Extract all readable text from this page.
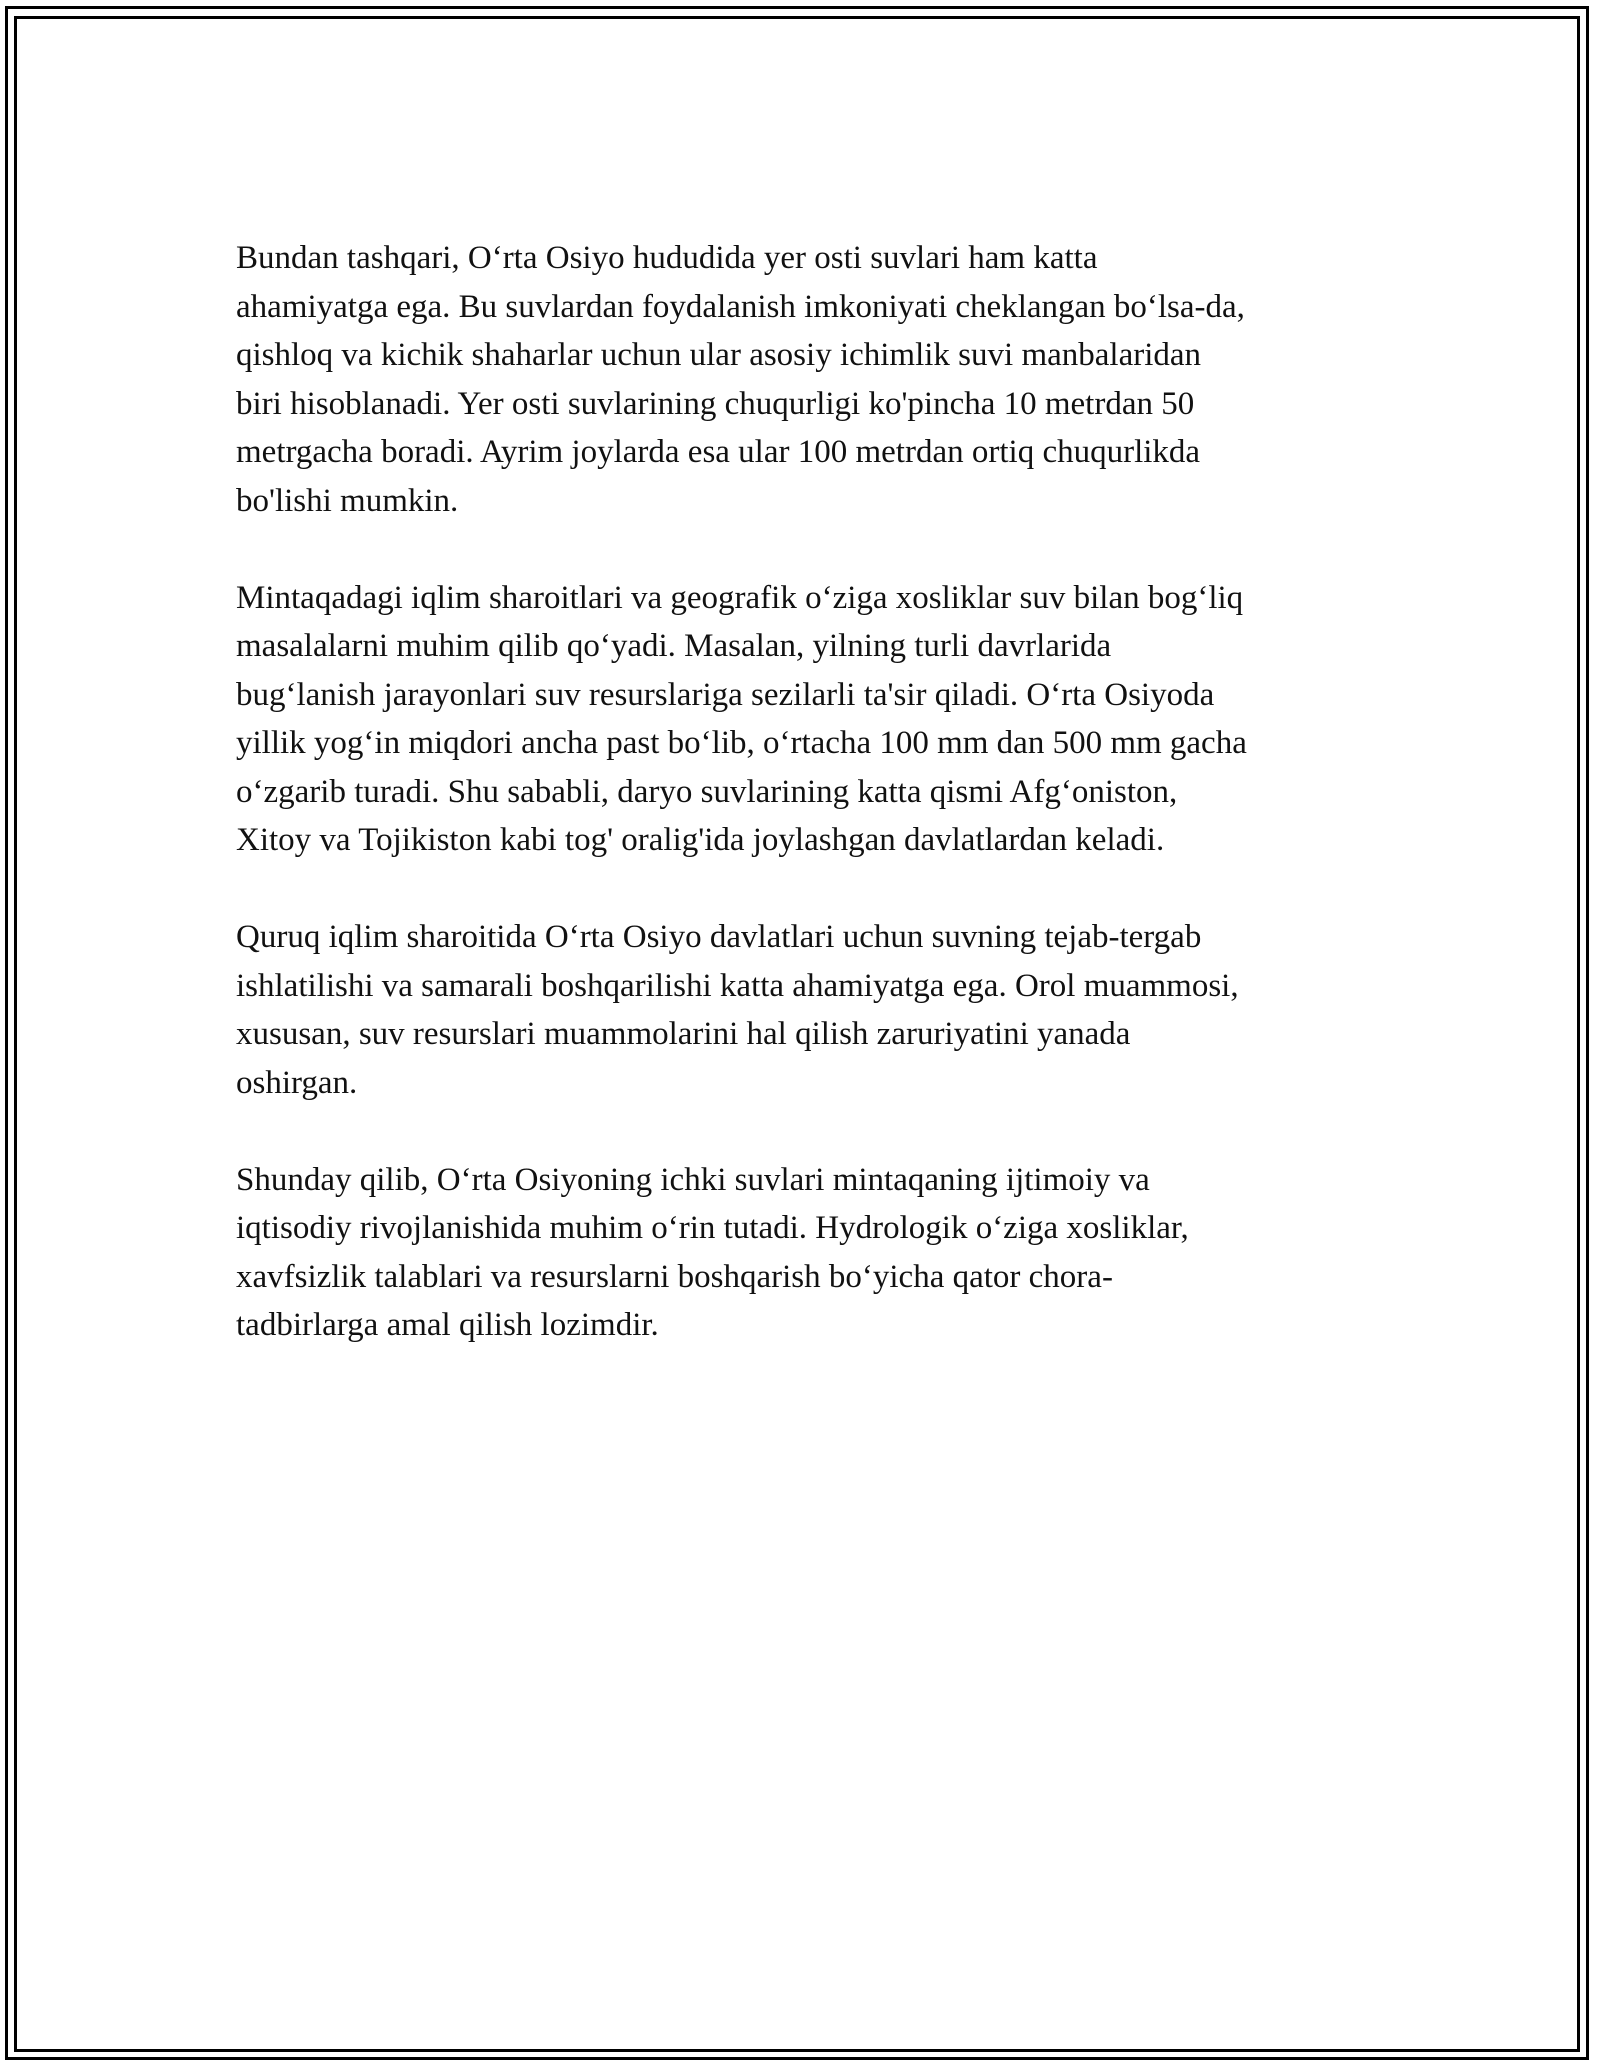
Bundan tashqari, O‘rta Osiyo hududida yer osti suvlari ham katta
ahamiyatga ega. Bu suvlardan foydalanish imkoniyati cheklangan bo‘lsa-da,
qishloq va kichik shaharlar uchun ular asosiy ichimlik suvi manbalaridan
biri hisoblanadi. Yer osti suvlarining chuqurligi ko'pincha 10 metrdan 50
metrgacha boradi. Ayrim joylarda esa ular 100 metrdan ortiq chuqurlikda
bo'lishi mumkin.

Mintaqadagi iqlim sharoitlari va geografik o‘ziga xosliklar suv bilan bog‘liq
masalalarni muhim qilib qo‘yadi. Masalan, yilning turli davrlarida
bug‘lanish jarayonlari suv resurslariga sezilarli ta'sir qiladi. O‘rta Osiyoda
yillik yog‘in miqdori ancha past bo‘lib, o‘rtacha 100 mm dan 500 mm gacha
o‘zgarib turadi. Shu sababli, daryo suvlarining katta qismi Afg‘oniston,
Xitoy va Tojikiston kabi tog' oralig'ida joylashgan davlatlardan keladi.

Quruq iqlim sharoitida O‘rta Osiyo davlatlari uchun suvning tejab-tergab
ishlatilishi va samarali boshqarilishi katta ahamiyatga ega. Orol muammosi,
xususan, suv resurslari muammolarini hal qilish zaruriyatini yanada
oshirgan.

Shunday qilib, O‘rta Osiyoning ichki suvlari mintaqaning ijtimoiy va
iqtisodiy rivojlanishida muhim o‘rin tutadi. Hydrologik o‘ziga xosliklar,
xavfsizlik talablari va resurslarni boshqarish bo‘yicha qator chora-
tadbirlarga amal qilish lozimdir.
